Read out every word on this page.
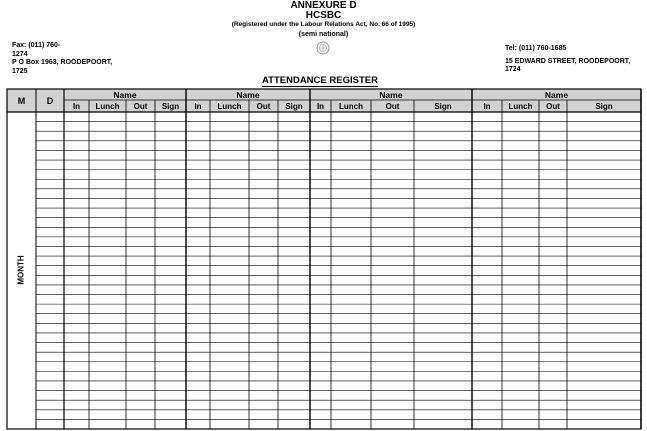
ANNEXURE D
HCSBC
(Registered under the Labour Relations Act, No. 66 of 1995)
(semi national)
Fax: (011) 760-
1274
P O Box 1963, ROODEPOORT,
1725
Tel: (011) 760-1685
15 EDWARD STREET, ROODEPOORT,
1724
ATTENDANCE REGISTER
M D
Name
In Lunch Out Sign
Name
In Lunch Out Sign
Name
In Lunch	Out	Sign
Name
In Lunch Out	Sign
MONTH
